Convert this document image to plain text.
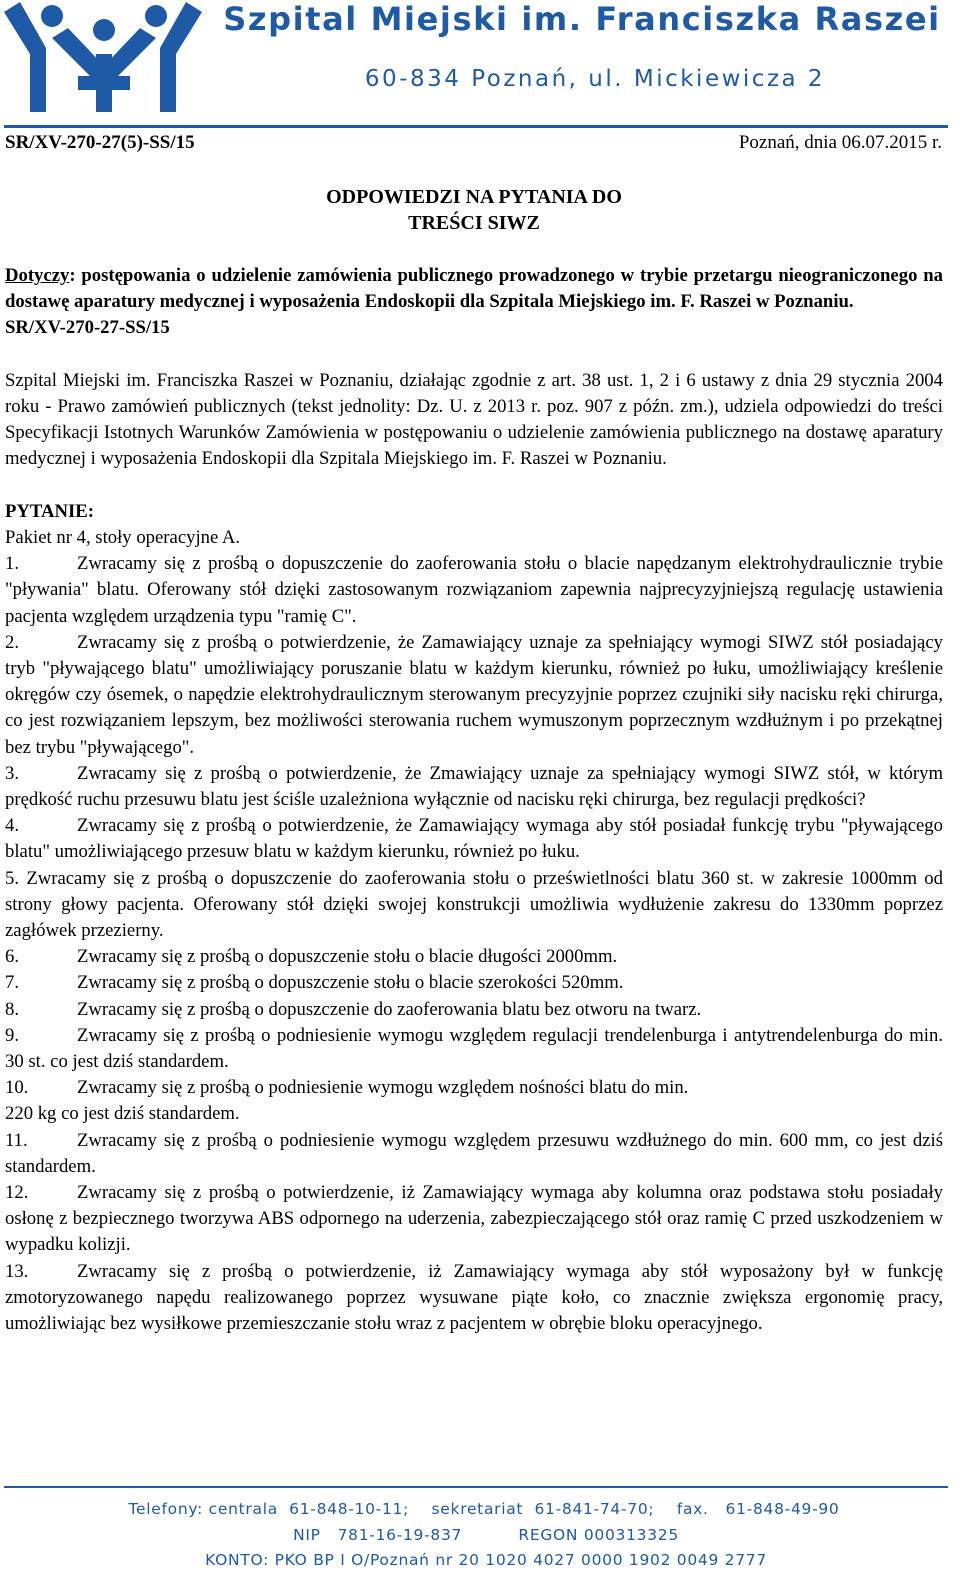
Szpital Miejski im. Franciszka Raszei
60-834 Poznań, ul. Mickiewicza 2
SR/XV-270-27(5)-SS/15	Poznań, dnia 06.07.2015 r.
ODPOWIEDZI NA PYTANIA DO
TREŚCI SIWZ

Dotyczy: postępowania o udzielenie zamówienia publicznego prowadzonego w trybie przetargu nieograniczonego na dostawę aparatury medycznej i wyposażenia Endoskopii dla Szpitala Miejskiego im. F. Raszei w Poznaniu.

SR/XV-270-27-SS/15

Szpital Miejski im. Franciszka Raszei w Poznaniu, działając zgodnie z art. 38 ust. 1, 2 i 6 ustawy z dnia 29 stycznia 2004 roku - Prawo zamówień publicznych (tekst jednolity: Dz. U. z 2013 r. poz. 907 z późn. zm.), udziela odpowiedzi do treści Specyfikacji Istotnych Warunków Zamówienia w postępowaniu o udzielenie zamówienia publicznego na dostawę aparatury medycznej i wyposażenia Endoskopii dla Szpitala Miejskiego im. F. Raszei w Poznaniu.

PYTANIE:

Pakiet nr 4, stoły operacyjne A.

1.	Zwracamy się z prośbą o dopuszczenie do zaoferowania stołu o blacie napędzanym elektrohydraulicznie trybie "pływania" blatu. Oferowany stół dzięki zastosowanym rozwiązaniom zapewnia najprecyzyjniejszą regulację ustawienia pacjenta względem urządzenia typu "ramię C".

2.	Zwracamy się z prośbą o potwierdzenie, że Zamawiający uznaje za spełniający wymogi SIWZ stół posiadający tryb "pływającego blatu" umożliwiający poruszanie blatu w każdym kierunku, również po łuku, umożliwiający kreślenie okręgów czy ósemek, o napędzie elektrohydraulicznym sterowanym precyzyjnie poprzez czujniki siły nacisku ręki chirurga, co jest rozwiązaniem lepszym, bez możliwości sterowania ruchem wymuszonym poprzecznym wzdłużnym i po przekątnej bez trybu "pływającego".

3.	Zwracamy się z prośbą o potwierdzenie, że Zmawiający uznaje za spełniający wymogi SIWZ stół, w którym prędkość ruchu przesuwu blatu jest ściśle uzależniona wyłącznie od nacisku ręki chirurga, bez regulacji prędkości?

4.	Zwracamy się z prośbą o potwierdzenie, że Zamawiający wymaga aby stół posiadał funkcję trybu "pływającego blatu" umożliwiającego przesuw blatu w każdym kierunku, również po łuku.

5. Zwracamy się z prośbą o dopuszczenie do zaoferowania stołu o prześwietlności blatu 360 st. w zakresie 1000mm od strony głowy pacjenta. Oferowany stół dzięki swojej konstrukcji umożliwia wydłużenie zakresu do 1330mm poprzez zagłówek przezierny.

6.	Zwracamy się z prośbą o dopuszczenie stołu o blacie długości 2000mm.

7.	Zwracamy się z prośbą o dopuszczenie stołu o blacie szerokości 520mm.

8.	Zwracamy się z prośbą o dopuszczenie do zaoferowania blatu bez otworu na twarz.

9.	Zwracamy się z prośbą o podniesienie wymogu względem regulacji trendelenburga i antytrendelenburga do min. 30 st. co jest dziś standardem.

10.	Zwracamy się z prośbą o podniesienie wymogu względem nośności blatu do min.

220 kg co jest dziś standardem.

11.	Zwracamy się z prośbą o podniesienie wymogu względem przesuwu wzdłużnego do min. 600 mm, co jest dziś standardem.

12.	Zwracamy się z prośbą o potwierdzenie, iż Zamawiający wymaga aby kolumna oraz podstawa stołu posiadały osłonę z bezpiecznego tworzywa ABS odpornego na uderzenia, zabezpieczającego stół oraz ramię C przed uszkodzeniem w wypadku kolizji.

13.	Zwracamy się z prośbą o potwierdzenie, iż Zamawiający wymaga aby stół wyposażony był w funkcję zmotoryzowanego napędu realizowanego poprzez wysuwane piąte koło, co znacznie zwiększa ergonomię pracy, umożliwiając bez wysiłkowe przemieszczanie stołu wraz z pacjentem w obrębie bloku operacyjnego.

Telefony: centrala  61-848-10-11;    sekretariat  61-841-74-70;    fax.   61-848-49-90
NIP   781-16-19-837          REGON 000313325
KONTO: PKO BP I O/Poznań nr 20 1020 4027 0000 1902 0049 2777
